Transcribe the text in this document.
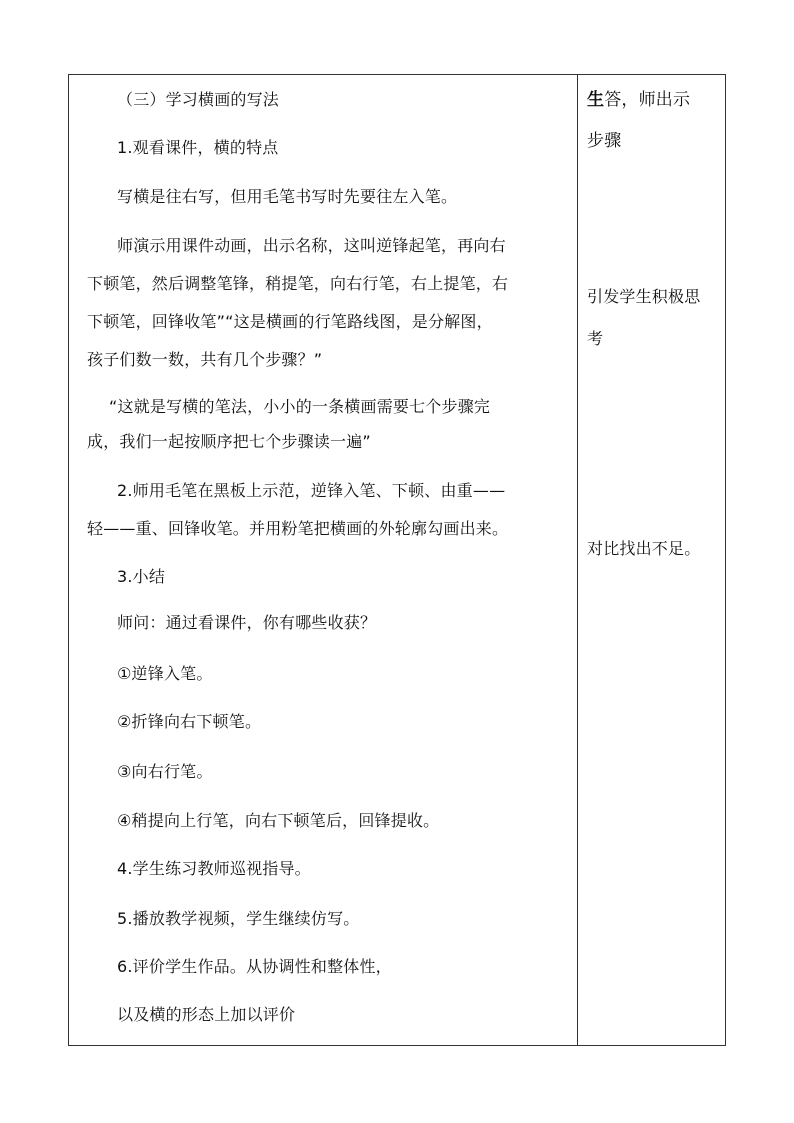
（三）学习横画的写法
1.观看课件，横的特点
写横是往右写，但用毛笔书写时先要往左入笔。
师演示用课件动画，出示名称，这叫逆锋起笔，再向右
下顿笔，然后调整笔锋，稍提笔，向右行笔，右上提笔，右
下顿笔，回锋收笔”“这是横画的行笔路线图，是分解图，
孩子们数一数，共有几个步骤？”
“这就是写横的笔法，小小的一条横画需要七个步骤完
成，我们一起按顺序把七个步骤读一遍”
2.师用毛笔在黑板上示范，逆锋入笔、下顿、由重——
轻——重、回锋收笔。并用粉笔把横画的外轮廓勾画出来。
3.小结
师问：通过看课件，你有哪些收获？
①逆锋入笔。
②折锋向右下顿笔。
③向右行笔。
④稍提向上行笔，向右下顿笔后，回锋提收。
4.学生练习教师巡视指导。
5.播放教学视频，学生继续仿写。
6.评价学生作品。从协调性和整体性，
以及横的形态上加以评价
生答，师出示
步骤
引发学生积极思
考
对比找出不足。
